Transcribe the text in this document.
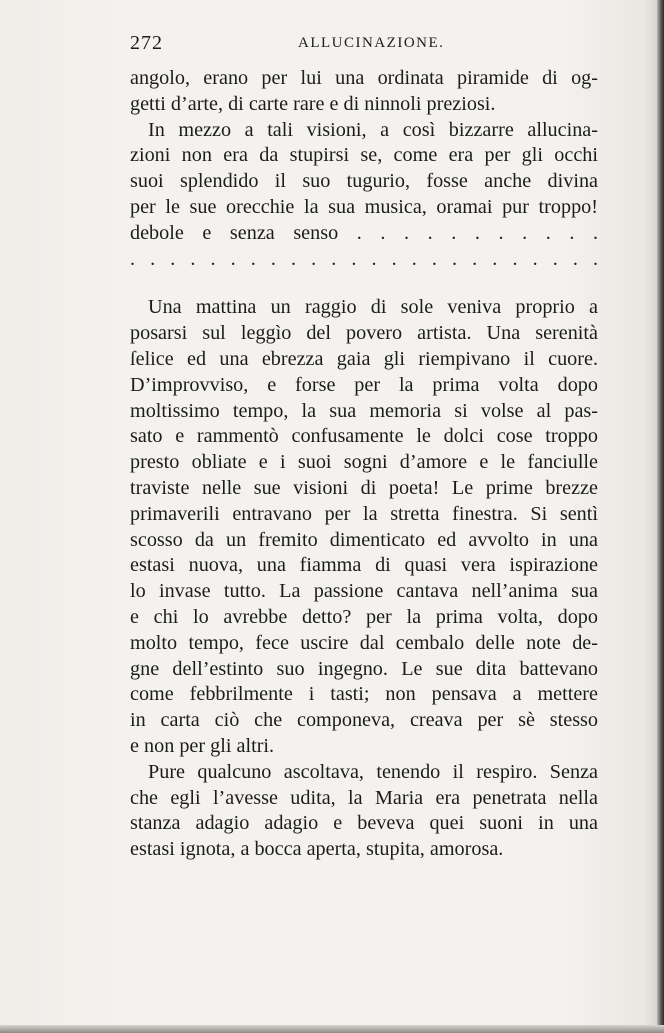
272	ALLUCINAZIONE.
angolo, erano per lui una ordinata piramide di og-
getti d’arte, di carte rare e di ninnoli preziosi.
In mezzo a tali visioni, a così bizzarre allucina-
zioni non era da stupirsi se, come era per gli occhi
suoi splendido il suo tugurio, fosse anche divina
per le sue orecchie la sua musica, oramai pur troppo!
debole e senza senso . . . . . . . . . . .
. . . . . . . . . . . . . . . . . . . . . . . .
Una mattina un raggio di sole veniva proprio a
posarsi sul leggìo del povero artista. Una serenità
ſelice ed una ebrezza gaia gli riempivano il cuore.
D’improvviso, e forse per la prima volta dopo
moltissimo tempo, la sua memoria si volse al pas-
sato e rammentò confusamente le dolci cose troppo
presto obliate e i suoi sogni d’amore e le fanciulle
traviste nelle sue visioni di poeta! Le prime brezze
primaverili entravano per la stretta finestra. Si sentì
scosso da un fremito dimenticato ed avvolto in una
estasi nuova, una fiamma di quasi vera ispirazione
lo invase tutto. La passione cantava nell’anima sua
e chi lo avrebbe detto? per la prima volta, dopo
molto tempo, fece uscire dal cembalo delle note de-
gne dell’estinto suo ingegno. Le sue dita battevano
come febbrilmente i tasti; non pensava a mettere
in carta ciò che componeva, creava per sè stesso
e non per gli altri.
Pure qualcuno ascoltava, tenendo il respiro. Senza
che egli l’avesse udita, la Maria era penetrata nella
stanza adagio adagio e beveva quei suoni in una
estasi ignota, a bocca aperta, stupita, amorosa.
